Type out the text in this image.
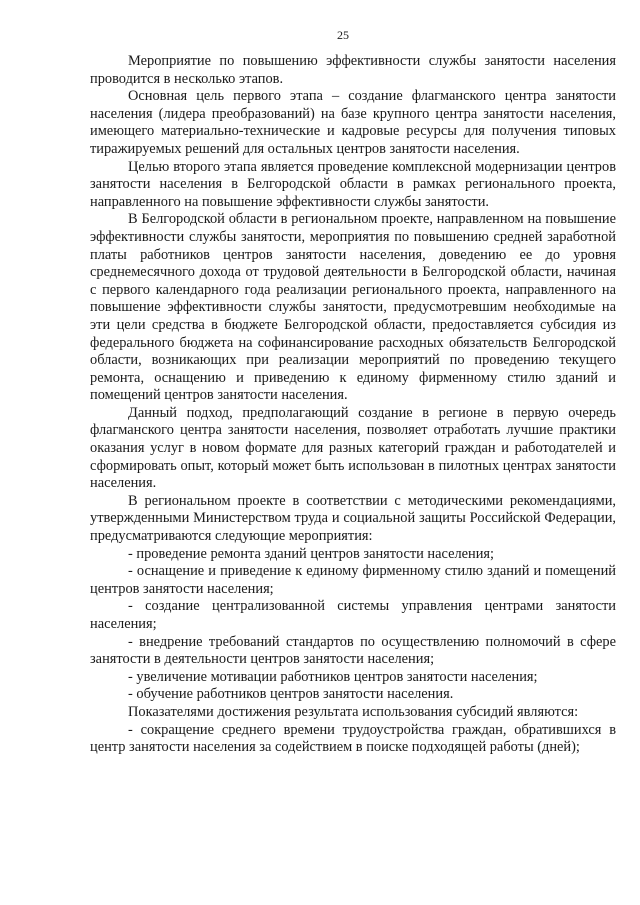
25

Мероприятие по повышению эффективности службы занятости населения проводится в несколько этапов.

Основная цель первого этапа – создание флагманского центра занятости населения (лидера преобразований) на базе крупного центра занятости населения, имеющего материально-технические и кадровые ресурсы для получения типовых тиражируемых решений для остальных центров занятости населения.

Целью второго этапа является проведение комплексной модернизации центров занятости населения в Белгородской области в рамках регионального проекта, направленного на повышение эффективности службы занятости.

В Белгородской области в региональном проекте, направленном на повышение эффективности службы занятости, мероприятия по повышению средней заработной платы работников центров занятости населения, доведению ее до уровня среднемесячного дохода от трудовой деятельности в Белгородской области, начиная с первого календарного года реализации регионального проекта, направленного на повышение эффективности службы занятости, предусмотревшим необходимые на эти цели средства в бюджете Белгородской области, предоставляется субсидия из федерального бюджета на софинансирование расходных обязательств Белгородской области, возникающих при реализации мероприятий по проведению текущего ремонта, оснащению и приведению к единому фирменному стилю зданий и помещений центров занятости населения.

Данный подход, предполагающий создание в регионе в первую очередь флагманского центра занятости населения, позволяет отработать лучшие практики оказания услуг в новом формате для разных категорий граждан и работодателей и сформировать опыт, который может быть использован в пилотных центрах занятости населения.

В региональном проекте в соответствии с методическими рекомендациями, утвержденными Министерством труда и социальной защиты Российской Федерации, предусматриваются следующие мероприятия:

- проведение ремонта зданий центров занятости населения;

- оснащение и приведение к единому фирменному стилю зданий и помещений центров занятости населения;

- создание централизованной системы управления центрами занятости населения;

- внедрение требований стандартов по осуществлению полномочий в сфере занятости в деятельности центров занятости населения;

- увеличение мотивации работников центров занятости населения;

- обучение работников центров занятости населения.

Показателями достижения результата использования субсидий являются:

- сокращение среднего времени трудоустройства граждан, обратившихся в центр занятости населения за содействием в поиске подходящей работы (дней);
